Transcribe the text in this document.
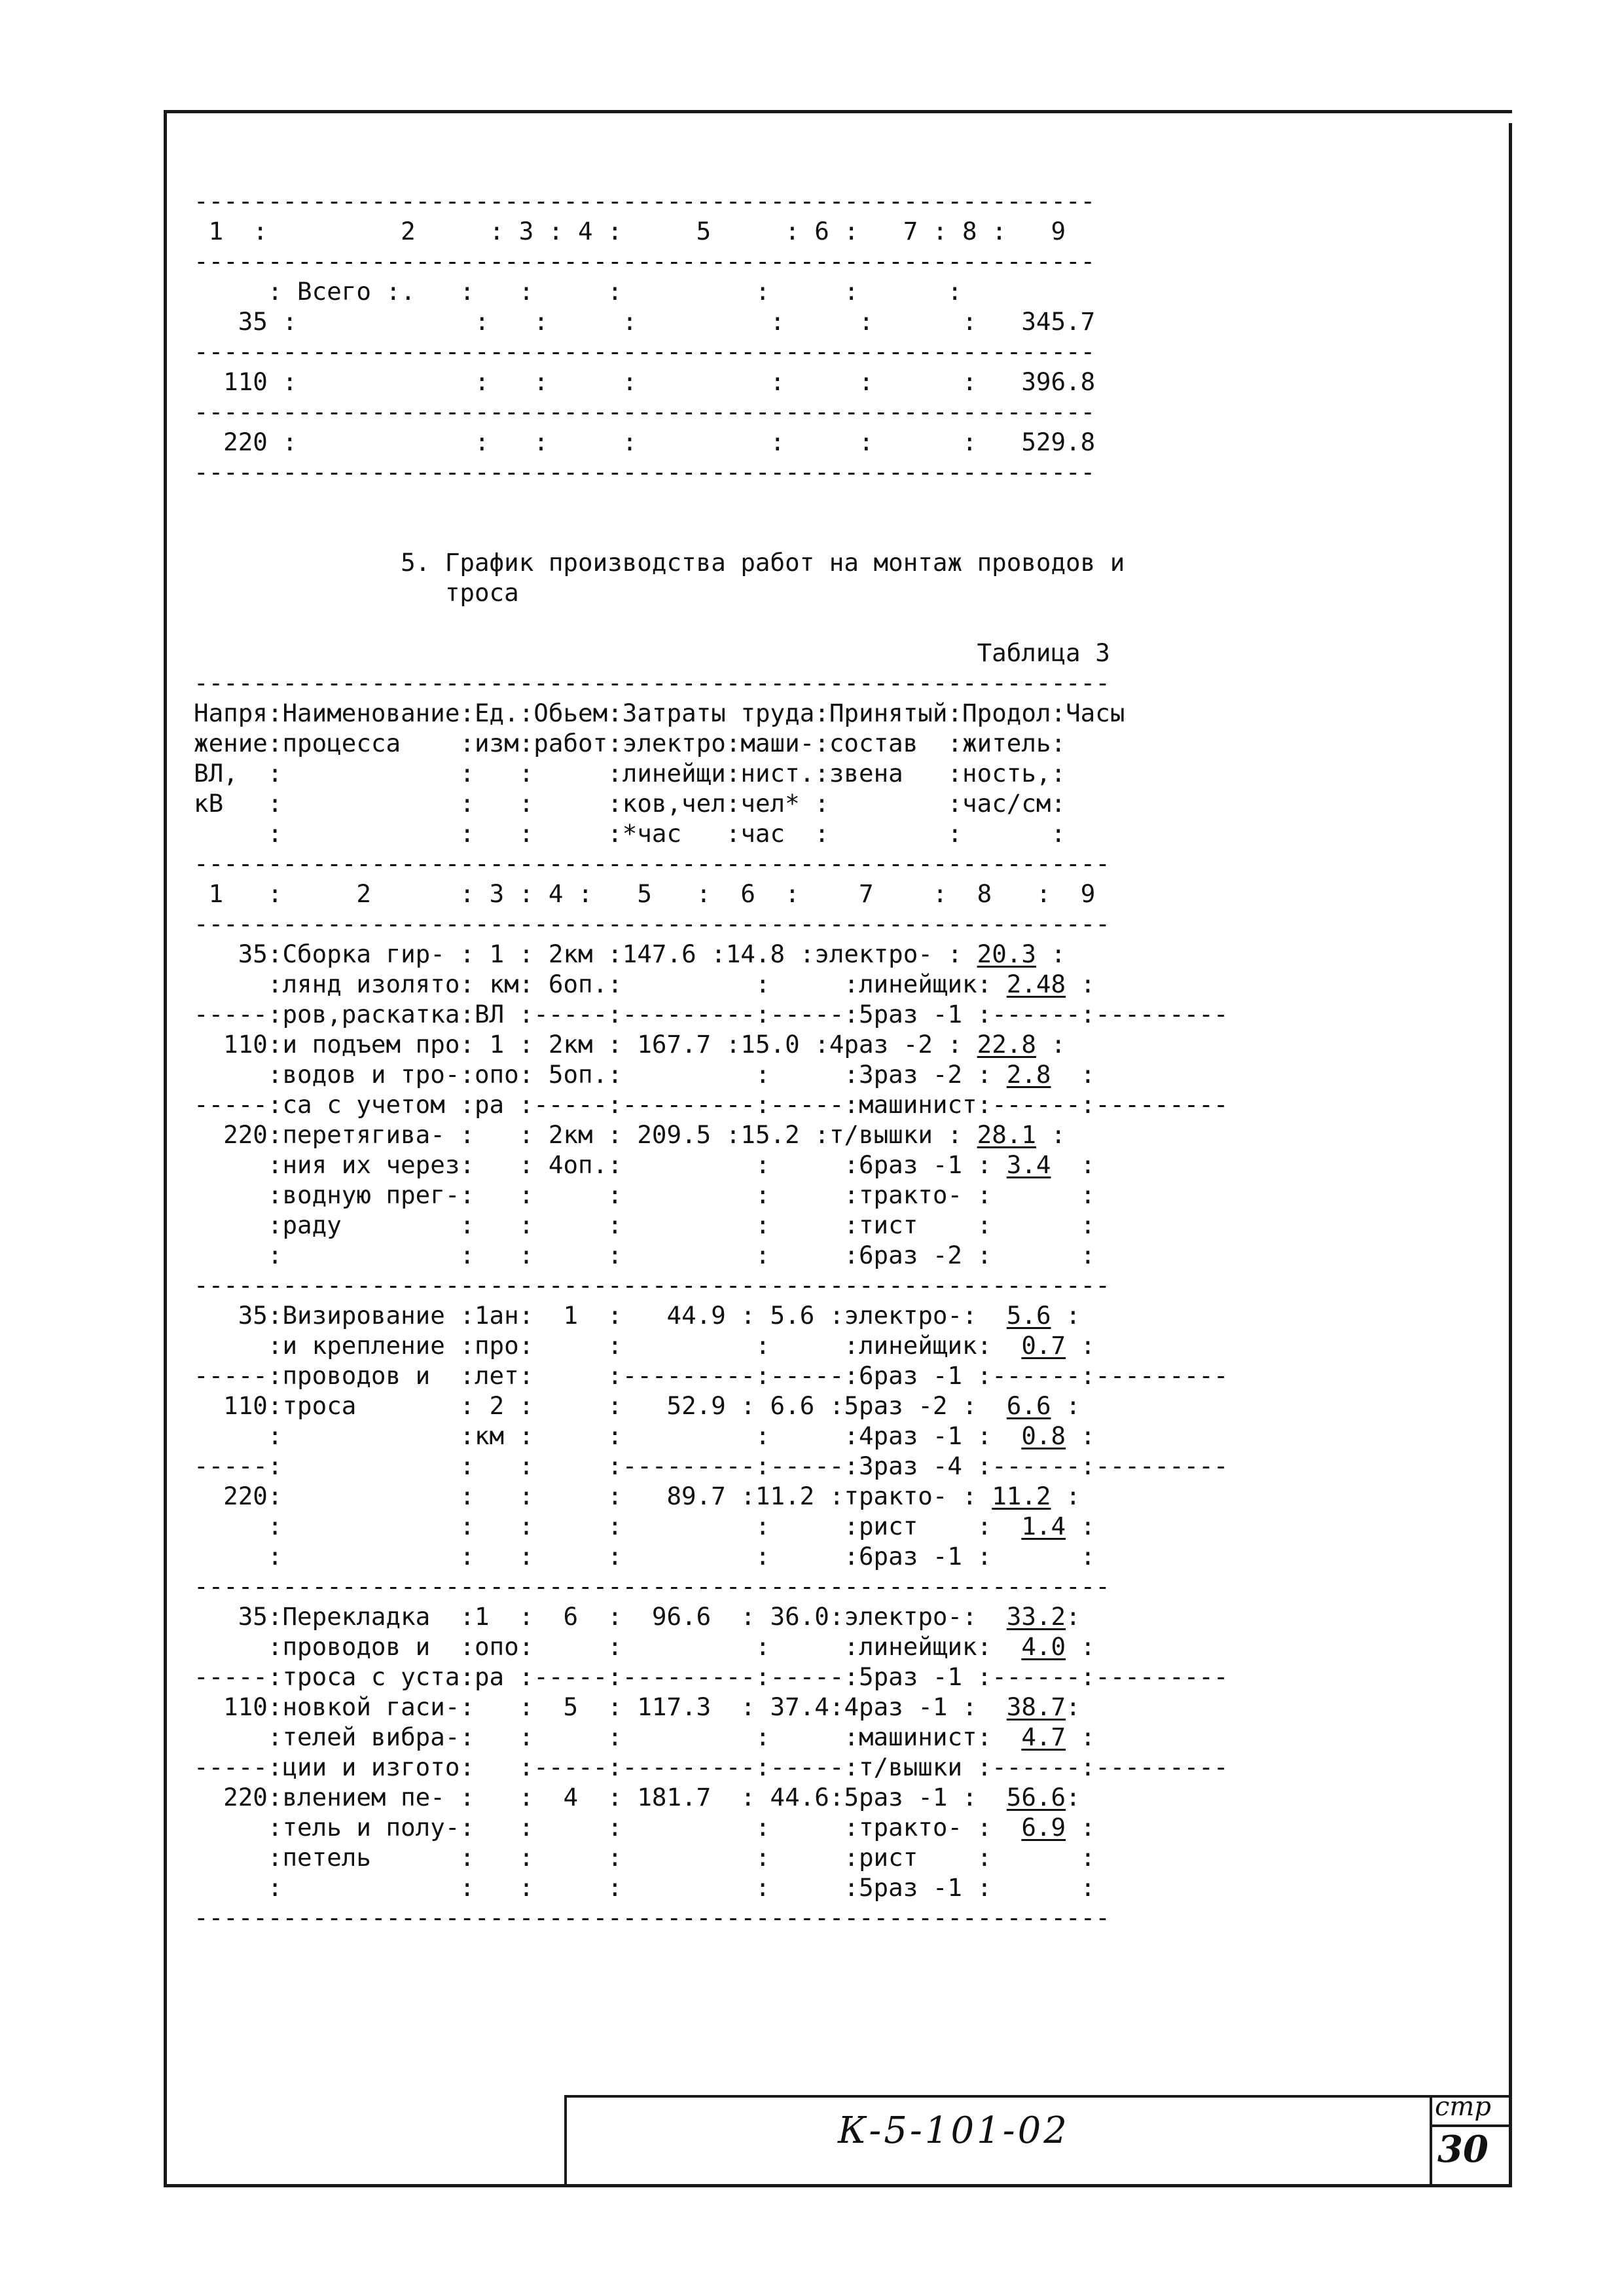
-------------------------------------------------------------
1  :         2     : 3 : 4 :     5     : 6 :   7 : 8 :   9
-------------------------------------------------------------
: Всего :.   :   :     :         :     :      :
35 :            :   :     :         :     :      :   345.7
-------------------------------------------------------------
110 :            :   :     :         :     :      :   396.8
-------------------------------------------------------------
220 :            :   :     :         :     :      :   529.8
-------------------------------------------------------------

5. График производства работ на монтаж проводов и
троса

Таблица 3
--------------------------------------------------------------
Напря:Наименование:Ед.:Обьем:Затраты труда:Принятый:Продол:Часы
жение:процесса    :изм:работ:электро:маши-:состав  :житель:
ВЛ,  :            :   :     :линейщи:нист.:звена   :ность,:
кВ   :            :   :     :ков,чел:чел* :        :час/см:
:            :   :     :*час   :час  :        :      :
--------------------------------------------------------------
1   :     2      : 3 : 4 :   5   :  6  :    7    :  8   :  9
--------------------------------------------------------------
35:Сборка гир- : 1 : 2км :147.6 :14.8 :электро- : 20.3 :
:лянд изолято: км: 6оп.:         :     :линейщик: 2.48 :
-----:ров,раскатка:ВЛ :-----:---------:-----:5раз -1 :------:---------
110:и подъем про: 1 : 2км : 167.7 :15.0 :4раз -2 : 22.8 :
:водов и тро-:опо: 5оп.:         :     :3раз -2 : 2.8  :
-----:са с учетом :ра :-----:---------:-----:машинист:------:---------
220:перетягива- :   : 2км : 209.5 :15.2 :т/вышки : 28.1 :
:ния их через:   : 4оп.:         :     :6раз -1 : 3.4  :
:водную прег-:   :     :         :     :тракто- :      :
:раду        :   :     :         :     :тист    :      :
:            :   :     :         :     :6раз -2 :      :
--------------------------------------------------------------
35:Визирование :1ан:  1  :   44.9 : 5.6 :электро-:  5.6 :
:и крепление :про:     :         :     :линейщик:  0.7 :
-----:проводов и  :лет:     :---------:-----:6раз -1 :------:---------
110:троса       : 2 :     :   52.9 : 6.6 :5раз -2 :  6.6 :
:            :км :     :         :     :4раз -1 :  0.8 :
-----:            :   :     :---------:-----:3раз -4 :------:---------
220:            :   :     :   89.7 :11.2 :тракто- : 11.2 :
:            :   :     :         :     :рист    :  1.4 :
:            :   :     :         :     :6раз -1 :      :
--------------------------------------------------------------
35:Перекладка  :1  :  6  :  96.6  : 36.0:электро-:  33.2:
:проводов и  :опо:     :         :     :линейщик:  4.0 :
-----:троса с уста:ра :-----:---------:-----:5раз -1 :------:---------
110:новкой гаси-:   :  5  : 117.3  : 37.4:4раз -1 :  38.7:
:телей вибра-:   :     :         :     :машинист:  4.7 :
-----:ции и изгото:   :-----:---------:-----:т/вышки :------:---------
220:влением пе- :   :  4  : 181.7  : 44.6:5раз -1 :  56.6:
:тель и полу-:   :     :         :     :тракто- :  6.9 :
:петель      :   :     :         :     :рист    :      :
:            :   :     :         :     :5раз -1 :      :
--------------------------------------------------------------

К-5-101-02
стр
30
